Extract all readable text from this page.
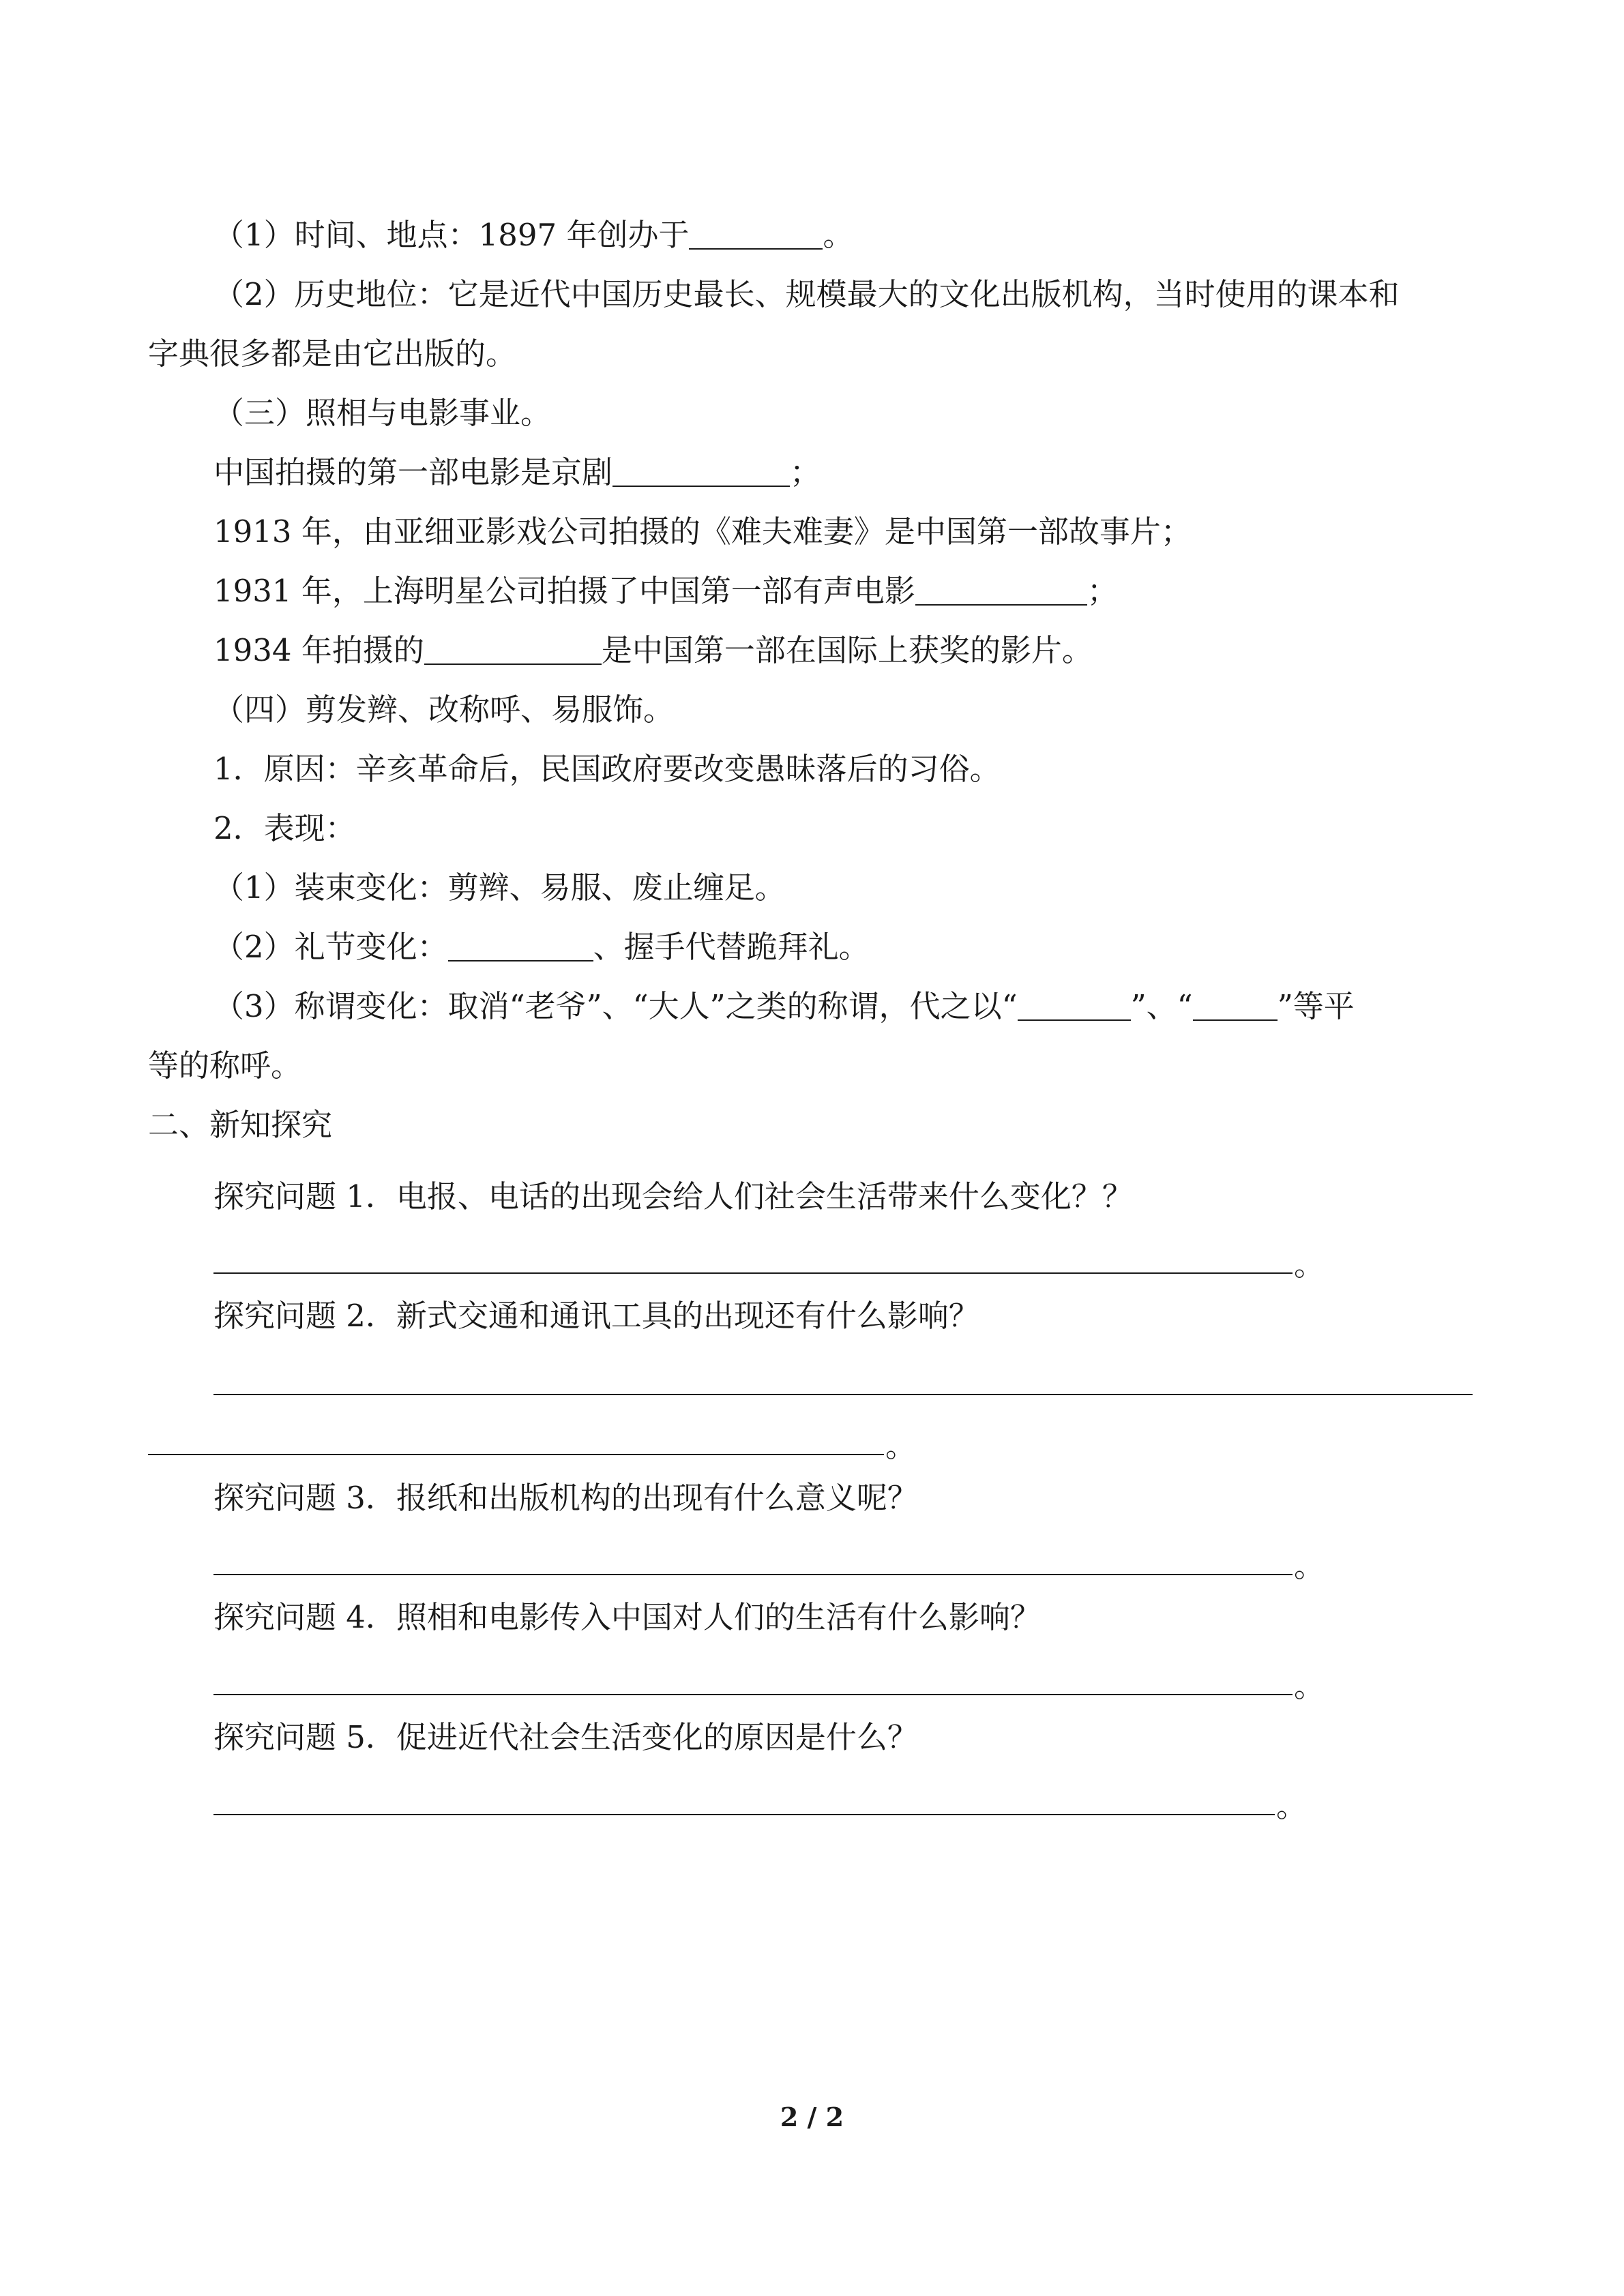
（1）时间、地点：1897 年创办于	。
（2）历史地位：它是近代中国历史最长、规模最大的文化出版机构，当时使用的课本和
字典很多都是由它出版的。
（三）照相与电影事业。
中国拍摄的第一部电影是京剧	；
1913 年，由亚细亚影戏公司拍摄的《难夫难妻》是中国第一部故事片；
1931 年，上海明星公司拍摄了中国第一部有声电影	；
1934 年拍摄的	是中国第一部在国际上获奖的影片。
（四）剪发辫、改称呼、易服饰。
1．原因：辛亥革命后，民国政府要改变愚昧落后的习俗。
2．表现：
（1）装束变化：剪辫、易服、废止缠足。
（2）礼节变化：	、握手代替跪拜礼。
（3）称谓变化：取消“老爷”、“大人”之类的称谓，代之以“	”、“	”等平
等的称呼。
二、新知探究
探究问题 1．电报、电话的出现会给人们社会生活带来什么变化？？
。
探究问题 2．新式交通和通讯工具的出现还有什么影响？
。
探究问题 3．报纸和出版机构的出现有什么意义呢？
。
探究问题 4．照相和电影传入中国对人们的生活有什么影响？
。
探究问题 5．促进近代社会生活变化的原因是什么？
。
2 / 2
